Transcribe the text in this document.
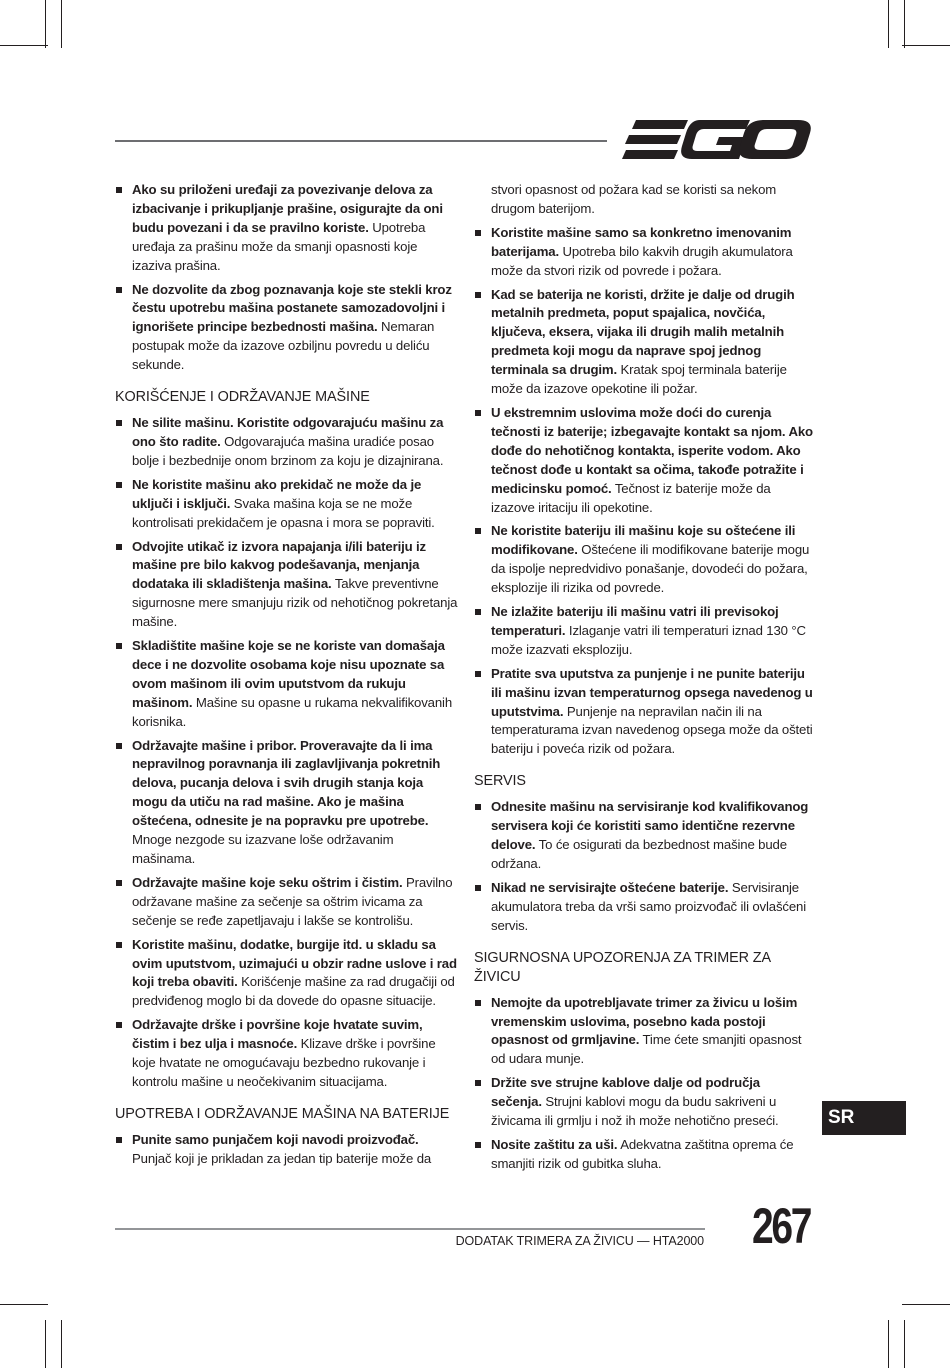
Ako su priloženi uređaji za povezivanje delova za izbacivanje i prikupljanje prašine, osigurajte da oni budu povezani i da se pravilno koriste. Upotreba uređaja za prašinu može da smanji opasnosti koje izaziva prašina.
Ne dozvolite da zbog poznavanja koje ste stekli kroz čestu upotrebu mašina postanete samozadovoljni i ignorišete principe bezbednosti mašina. Nemaran postupak može da izazove ozbiljnu povredu u deliću sekunde.
KORIŠĆENJE I ODRŽAVANJE MAŠINE
Ne silite mašinu. Koristite odgovarajuću mašinu za ono što radite. Odgovarajuća mašina uradiće posao bolje i bezbednije onom brzinom za koju je dizajnirana.
Ne koristite mašinu ako prekidač ne može da je uključi i isključi. Svaka mašina koja se ne može kontrolisati prekidačem je opasna i mora se popraviti.
Odvojite utikač iz izvora napajanja i/ili bateriju iz mašine pre bilo kakvog podešavanja, menjanja dodataka ili skladištenja mašina. Takve preventivne sigurnosne mere smanjuju rizik od nehotičnog pokretanja mašine.
Skladištite mašine koje se ne koriste van domašaja dece i ne dozvolite osobama koje nisu upoznate sa ovom mašinom ili ovim uputstvom da rukuju mašinom. Mašine su opasne u rukama nekvalifikovanih korisnika.
Održavajte mašine i pribor. Proveravajte da li ima nepravilnog poravnanja ili zaglavljivanja pokretnih delova, pucanja delova i svih drugih stanja koja mogu da utiču na rad mašine. Ako je mašina oštećena, odnesite je na popravku pre upotrebe. Mnoge nezgode su izazvane loše održavanim mašinama.
Održavajte mašine koje seku oštrim i čistim. Pravilno održavane mašine za sečenje sa oštrim ivicama za sečenje se ređe zapetljavaju i lakše se kontrolišu.
Koristite mašinu, dodatke, burgije itd. u skladu sa ovim uputstvom, uzimajući u obzir radne uslove i rad koji treba obaviti. Korišćenje mašine za rad drugačiji od predviđenog moglo bi da dovede do opasne situacije.
Održavajte drške i površine koje hvatate suvim, čistim i bez ulja i masnoće. Klizave drške i površine koje hvatate ne omogućavaju bezbedno rukovanje i kontrolu mašine u neočekivanim situacijama.
UPOTREBA I ODRŽAVANJE MAŠINA NA BATERIJE
Punite samo punjačem koji navodi proizvođač. Punjač koji je prikladan za jedan tip baterije može da
stvori opasnost od požara kad se koristi sa nekom drugom baterijom.
Koristite mašine samo sa konkretno imenovanim baterijama. Upotreba bilo kakvih drugih akumulatora može da stvori rizik od povrede i požara.
Kad se baterija ne koristi, držite je dalje od drugih metalnih predmeta, poput spajalica, novčića, ključeva, eksera, vijaka ili drugih malih metalnih predmeta koji mogu da naprave spoj jednog terminala sa drugim. Kratak spoj terminala baterije može da izazove opekotine ili požar.
U ekstremnim uslovima može doći do curenja tečnosti iz baterije; izbegavajte kontakt sa njom. Ako dođe do nehotičnog kontakta, isperite vodom. Ako tečnost dođe u kontakt sa očima, takođe potražite i medicinsku pomoć. Tečnost iz baterije može da izazove iritaciju ili opekotine.
Ne koristite bateriju ili mašinu koje su oštećene ili modifikovane. Oštećene ili modifikovane baterije mogu da ispolje nepredvidivo ponašanje, dovodeći do požara, eksplozije ili rizika od povrede.
Ne izlažite bateriju ili mašinu vatri ili previsokoj temperaturi. Izlaganje vatri ili temperaturi iznad 130 °C može izazvati eksploziju.
Pratite sva uputstva za punjenje i ne punite bateriju ili mašinu izvan temperaturnog opsega navedenog u uputstvima. Punjenje na nepravilan način ili na temperaturama izvan navedenog opsega može da ošteti bateriju i poveća rizik od požara.
SERVIS
Odnesite mašinu na servisiranje kod kvalifikovanog servisera koji će koristiti samo identične rezervne delove. To će osigurati da bezbednost mašine bude održana.
Nikad ne servisirajte oštećene baterije. Servisiranje akumulatora treba da vrši samo proizvođač ili ovlašćeni servis.
SIGURNOSNA UPOZORENJA ZA TRIMER ZA ŽIVICU
Nemojte da upotrebljavate trimer za živicu u lošim vremenskim uslovima, posebno kada postoji opasnost od grmljavine. Time ćete smanjiti opasnost od udara munje.
Držite sve strujne kablove dalje od područja sečenja. Strujni kablovi mogu da budu sakriveni u živicama ili grmlju i nož ih može nehotično preseći.
Nosite zaštitu za uši. Adekvatna zaštitna oprema će smanjiti rizik od gubitka sluha.
SR
DODATAK TRIMERA ZA ŽIVICU — HTA2000 267
